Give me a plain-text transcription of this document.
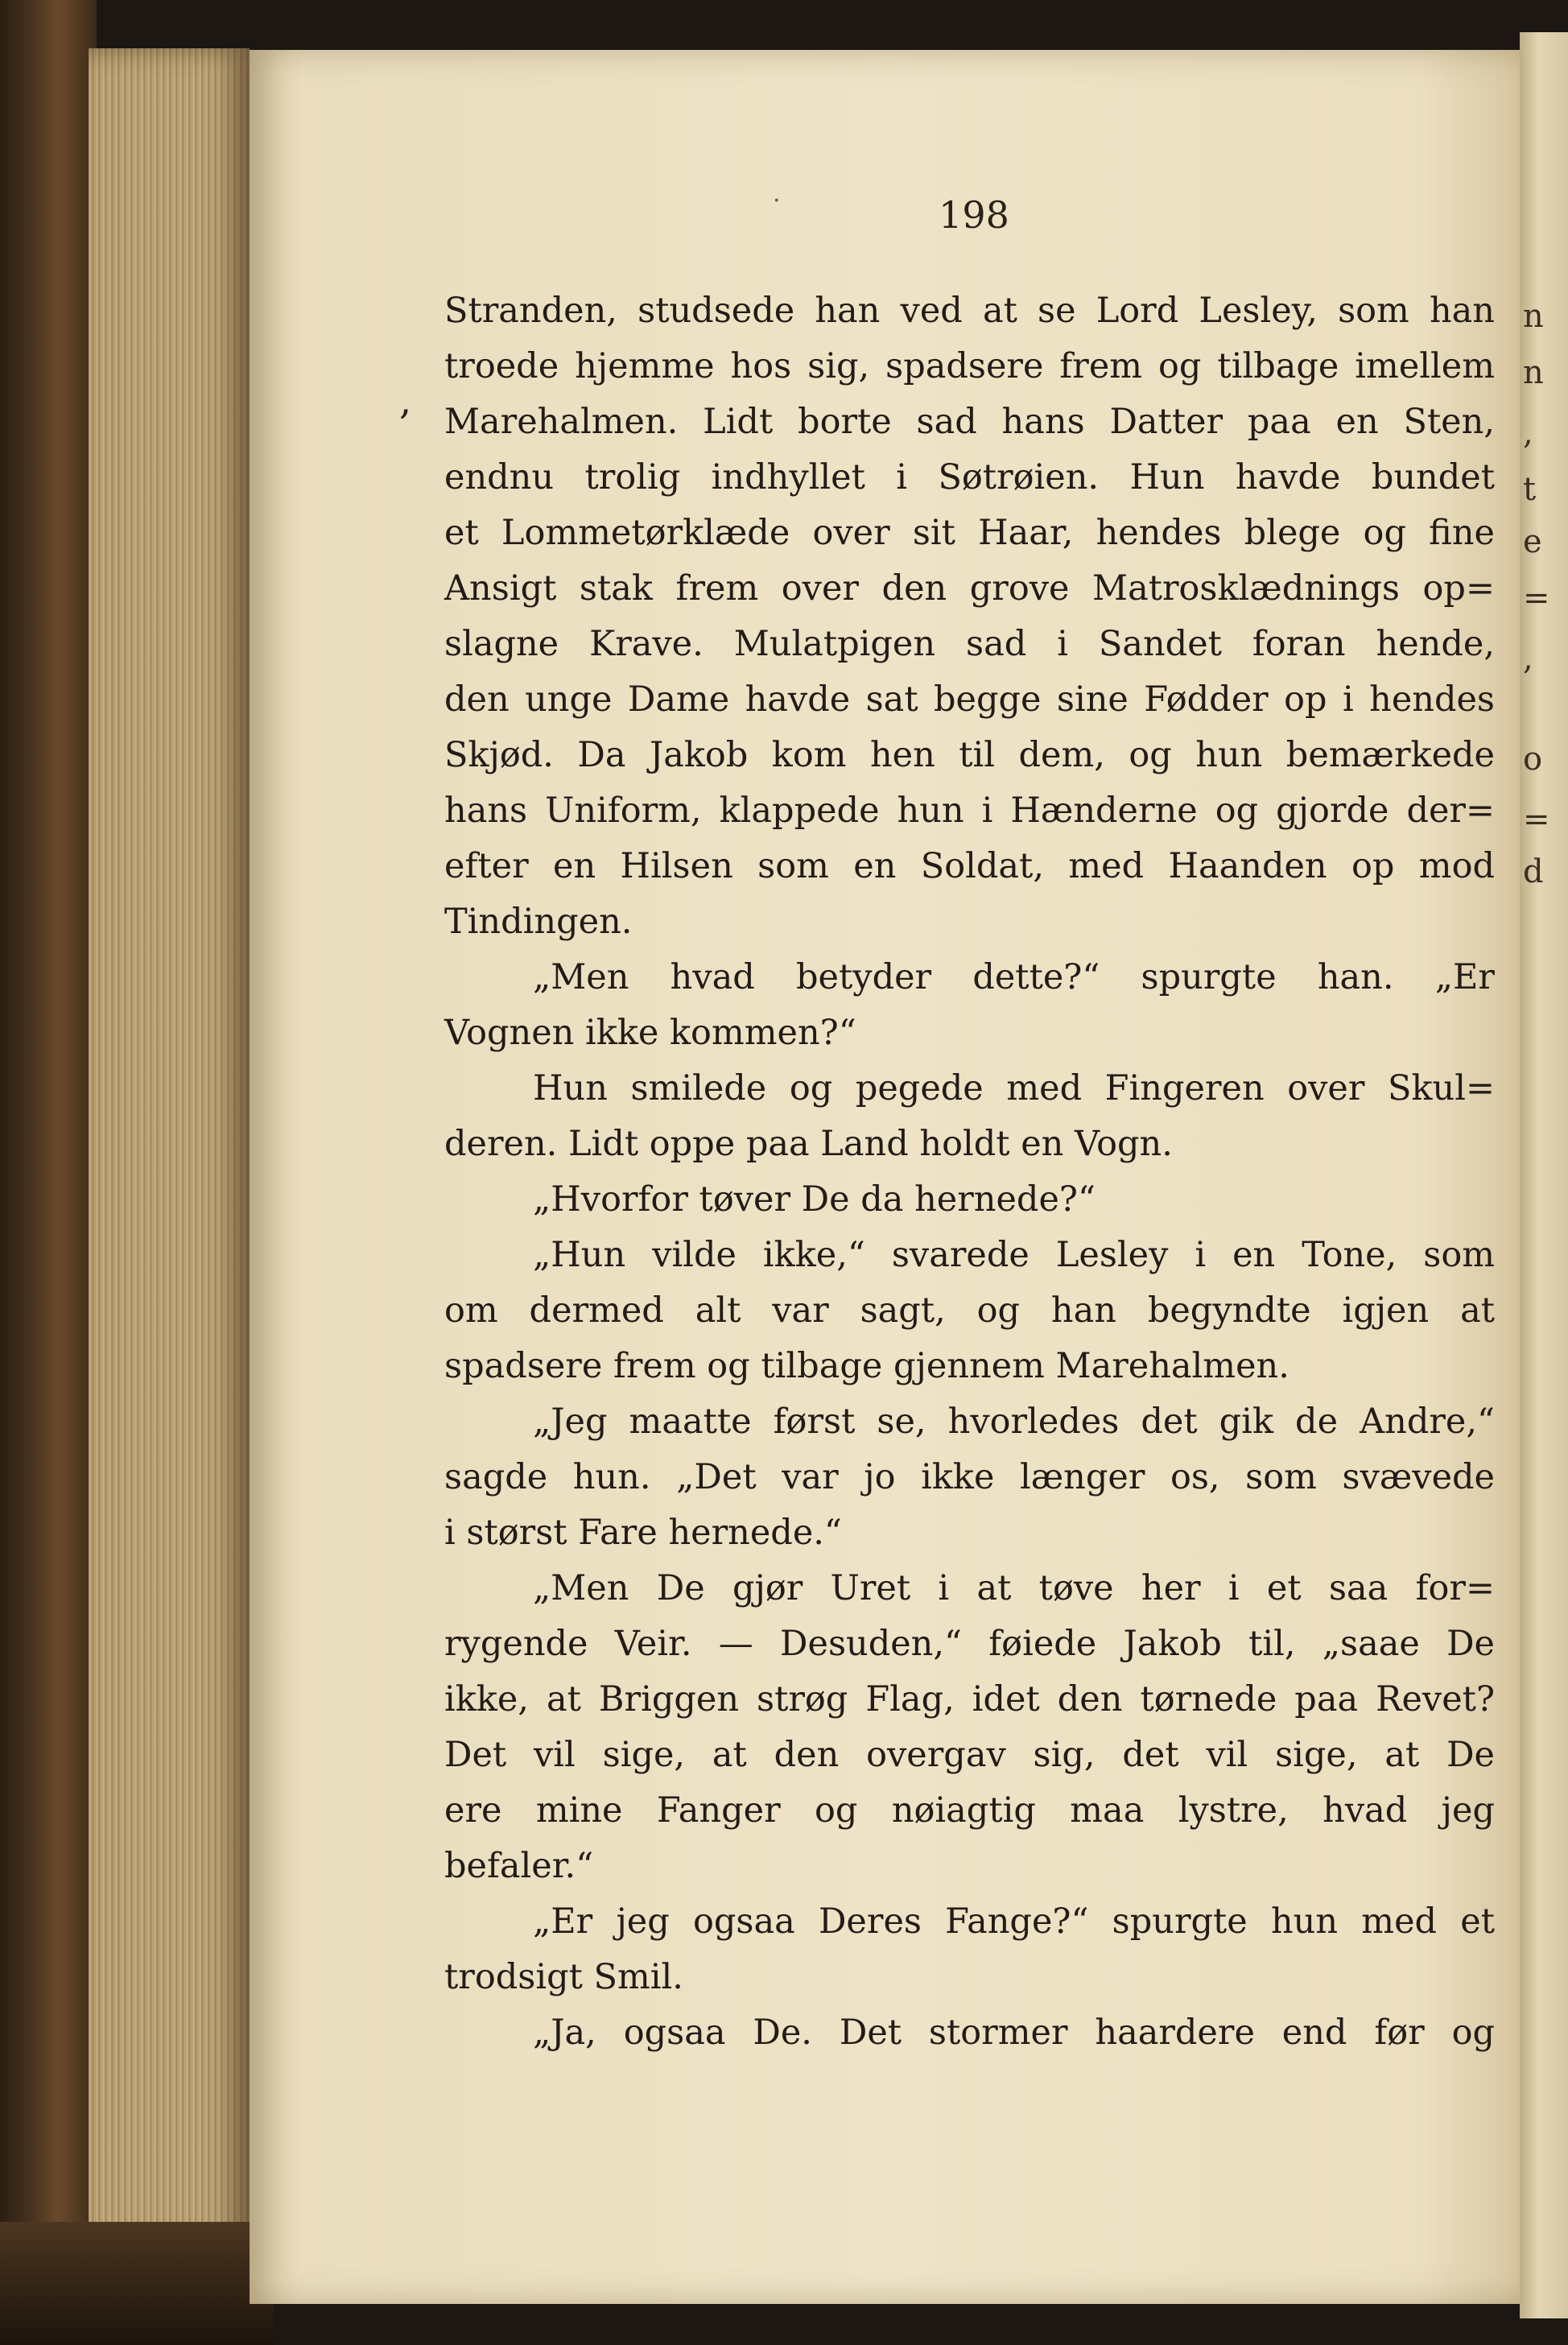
·
,
198
Stranden, studsede han ved at se Lord Lesley, som han
troede hjemme hos sig, spadsere frem og tilbage imellem
Marehalmen. Lidt borte sad hans Datter paa en Sten,
endnu trolig indhyllet i Søtrøien. Hun havde bundet
et Lommetørklæde over sit Haar, hendes blege og fine
Ansigt stak frem over den grove Matrosklædnings op=
slagne Krave. Mulatpigen sad i Sandet foran hende,
den unge Dame havde sat begge sine Fødder op i hendes
Skjød. Da Jakob kom hen til dem, og hun bemærkede
hans Uniform, klappede hun i Hænderne og gjorde der=
efter en Hilsen som en Soldat, med Haanden op mod
Tindingen.
„Men hvad betyder dette?“ spurgte han. „Er
Vognen ikke kommen?“
Hun smilede og pegede med Fingeren over Skul=
deren. Lidt oppe paa Land holdt en Vogn.
„Hvorfor tøver De da hernede?“
„Hun vilde ikke,“ svarede Lesley i en Tone, som
om dermed alt var sagt, og han begyndte igjen at
spadsere frem og tilbage gjennem Marehalmen.
„Jeg maatte først se, hvorledes det gik de Andre,“
sagde hun. „Det var jo ikke længer os, som svævede
i størst Fare hernede.“
„Men De gjør Uret i at tøve her i et saa for=
rygende Veir. — Desuden,“ føiede Jakob til, „saae De
ikke, at Briggen strøg Flag, idet den tørnede paa Revet?
Det vil sige, at den overgav sig, det vil sige, at De
ere mine Fanger og nøiagtig maa lystre, hvad jeg
befaler.“
„Er jeg ogsaa Deres Fange?“ spurgte hun med et
trodsigt Smil.
„Ja, ogsaa De. Det stormer haardere end før og
n
n
,
t
e
=
,
o
=
d
